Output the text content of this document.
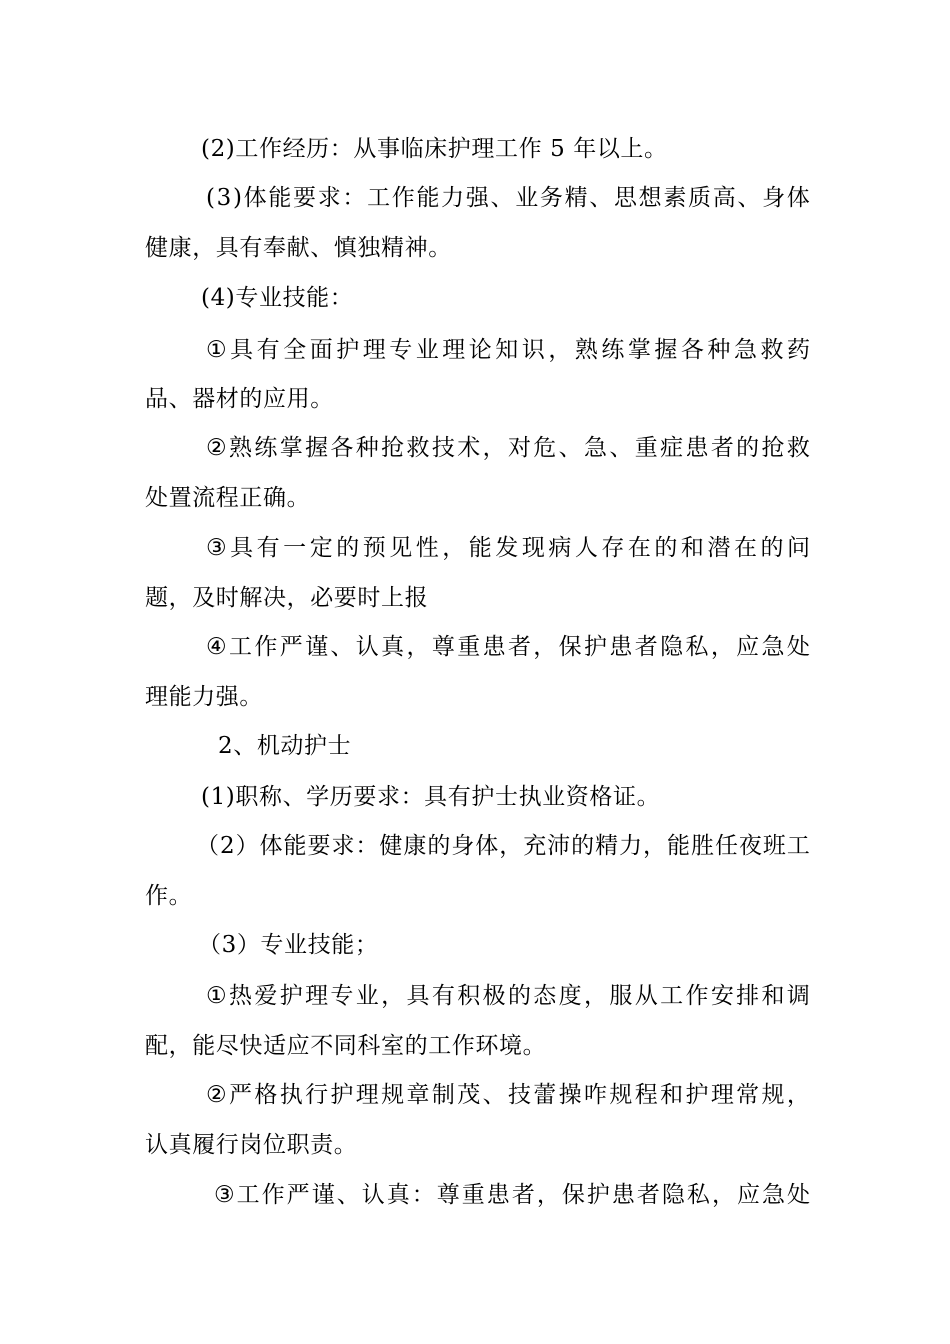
(2)工作经历：从事临床护理工作 5 年以上。
( 3 ) 体 能 要 求 ： 工 作 能 力 强 、 业 务 精 、 思 想 素 质 高 、 身 体
健康，具有奉献、慎独精神。
(4)专业技能：
① 具 有 全 面 护 理 专 业 理 论 知 识 ， 熟 练 掌 握 各 种 急 救 药
品、器材的应用。
② 熟 练 掌 握 各 种 抢 救 技 术 ， 对 危 、 急 、 重 症 患 者 的 抢 救
处置流程正确。
③ 具 有 一 定 的 预 见 性 ， 能 发 现 病 人 存 在 的 和 潜 在 的 问
题，及时解决，必要时上报
④ 工 作 严 谨 、 认 真 ， 尊 重 患 者 ， 保 护 患 者 隐 私 ， 应 急 处
理能力强。
2、机动护士
(1)职称、学历要求：具有护士执业资格证。
（ 2 ） 体 能 要 求 ： 健 康 的 身 体 ， 充 沛 的 精 力 ， 能 胜 任 夜 班 工
作。
（3）专业技能；
① 热 爱 护 理 专 业 ， 具 有 积 极 的 态 度 ， 服 从 工 作 安 排 和 调
配，能尽快适应不同科室的工作环境。
② 严 格 执 行 护 理 规 章 制 茂 、 技 蕾 操 咋 规 程 和 护 理 常 规 ，
认真履行岗位职责。
③ 工 作 严 谨 、 认 真 ： 尊 重 患 者 ， 保 护 患 者 隐 私 ， 应 急 处
